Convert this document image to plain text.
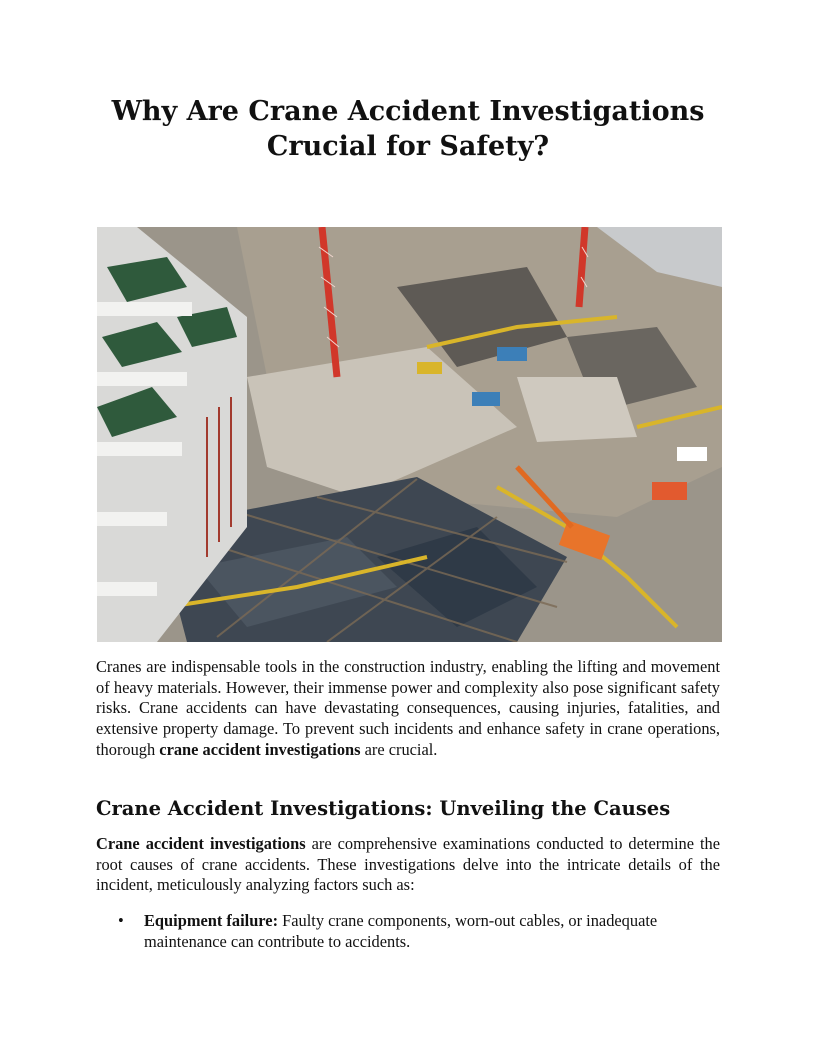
Why Are Crane Accident Investigations Crucial for Safety?

Cranes are indispensable tools in the construction industry, enabling the lifting and movement of heavy materials. However, their immense power and complexity also pose significant safety risks. Crane accidents can have devastating consequences, causing injuries, fatalities, and extensive property damage. To prevent such incidents and enhance safety in crane operations, thorough crane accident investigations are crucial.

Crane Accident Investigations: Unveiling the Causes

Crane accident investigations are comprehensive examinations conducted to determine the root causes of crane accidents. These investigations delve into the intricate details of the incident, meticulously analyzing factors such as:

• Equipment failure: Faulty crane components, worn-out cables, or inadequate maintenance can contribute to accidents.
